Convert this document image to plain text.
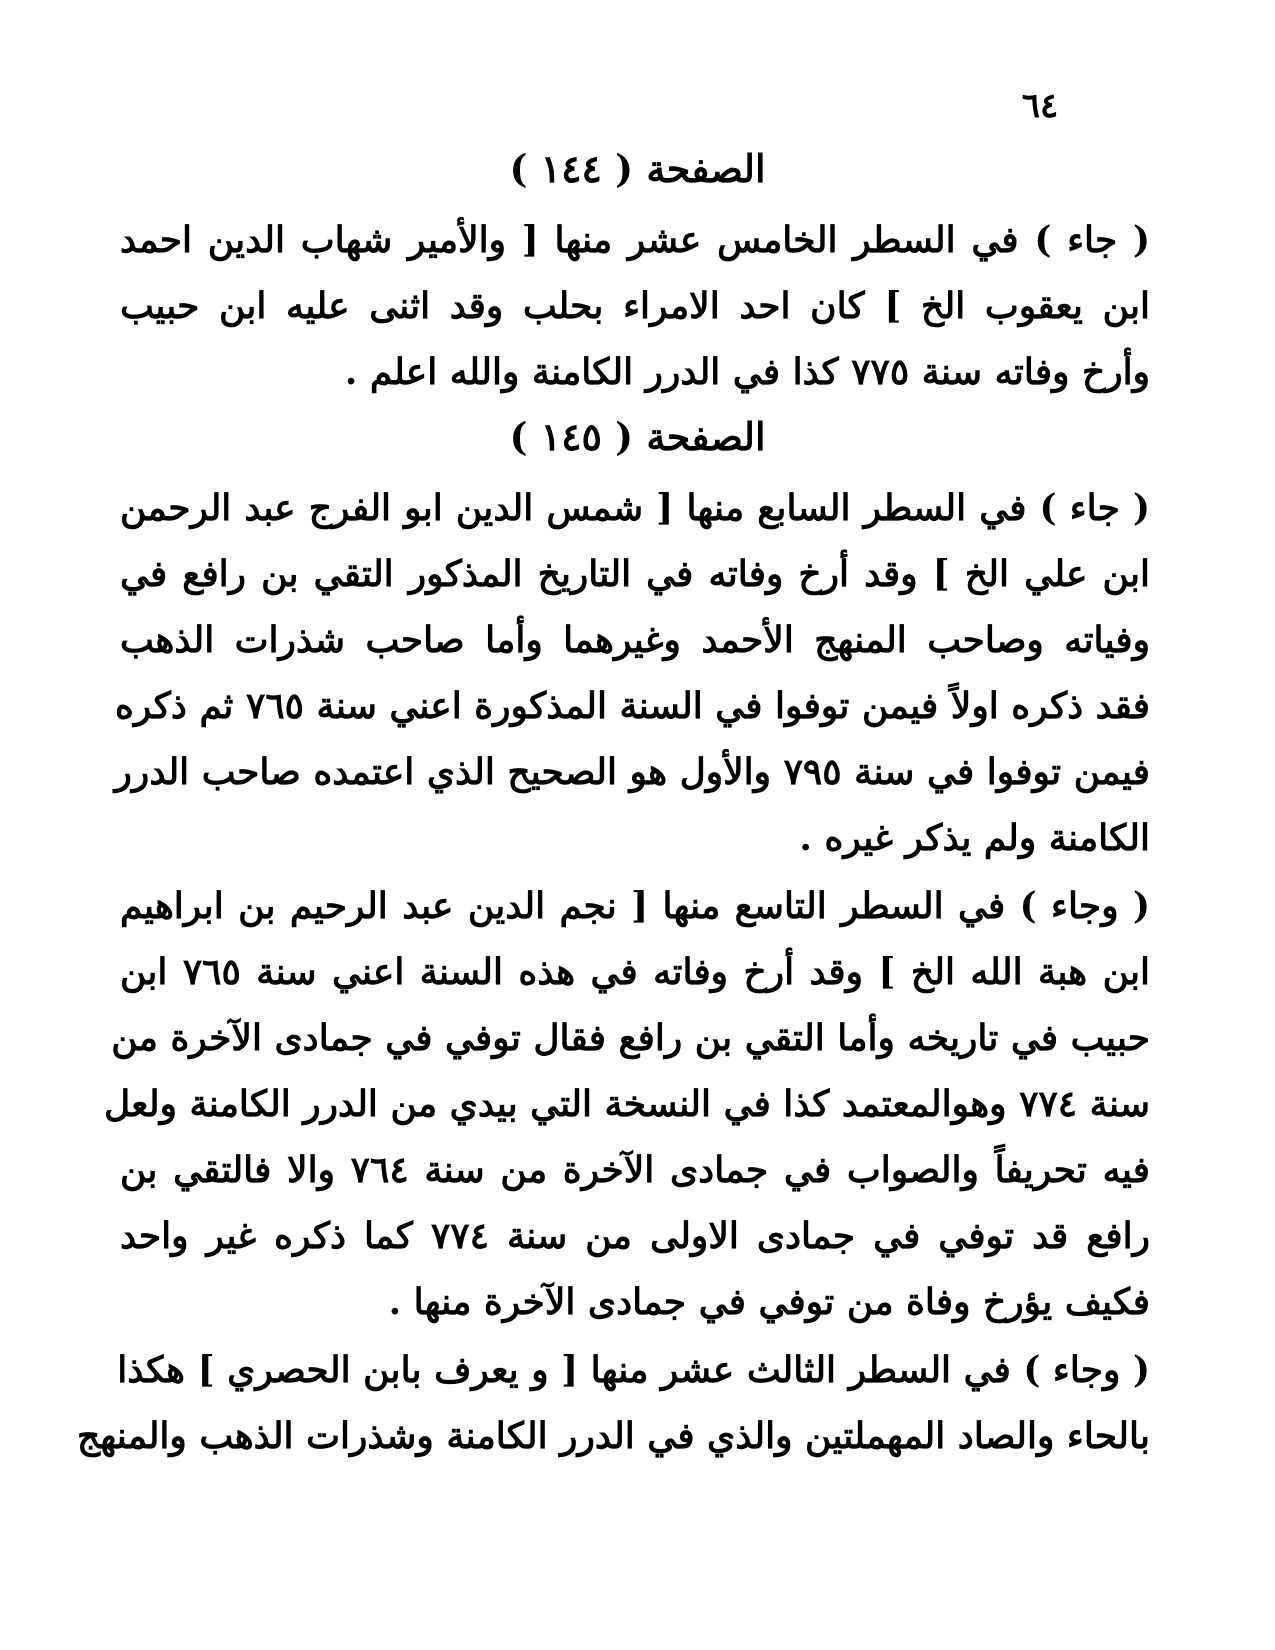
٦٤
الصفحة ( ١٤٤ )
( جاء ) في السطر الخامس عشر منها [ والأمير شهاب الدين احمد
ابن يعقوب الخ ] كان احد الامراء بحلب وقد اثنى عليه ابن حبيب
وأرخ وفاته سنة ٧٧٥ كذا في الدرر الكامنة والله اعلم .
الصفحة ( ١٤٥ )
( جاء ) في السطر السابع منها [ شمس الدين ابو الفرج عبد الرحمن
ابن علي الخ ] وقد أرخ وفاته في التاريخ المذكور التقي بن رافع في
وفياته وصاحب المنهج الأحمد وغيرهما وأما صاحب شذرات الذهب
فقد ذكره اولاً فيمن توفوا في السنة المذكورة اعني سنة ٧٦٥ ثم ذكره
فيمن توفوا في سنة ٧٩٥ والأول هو الصحيح الذي اعتمده صاحب الدرر
الكامنة ولم يذكر غيره .
( وجاء ) في السطر التاسع منها [ نجم الدين عبد الرحيم بن ابراهيم
ابن هبة الله الخ ] وقد أرخ وفاته في هذه السنة اعني سنة ٧٦٥ ابن
حبيب في تاريخه وأما التقي بن رافع فقال توفي في جمادى الآخرة من
سنة ٧٧٤ وهوالمعتمد كذا في النسخة التي بيدي من الدرر الكامنة ولعل
فيه تحريفاً والصواب في جمادى الآخرة من سنة ٧٦٤ والا فالتقي بن
رافع قد توفي في جمادى الاولى من سنة ٧٧٤ كما ذكره غير واحد
فكيف يؤرخ وفاة من توفي في جمادى الآخرة منها .
( وجاء ) في السطر الثالث عشر منها [ و يعرف بابن الحصري ] هكذا
بالحاء والصاد المهملتين والذي في الدرر الكامنة وشذرات الذهب والمنهج
